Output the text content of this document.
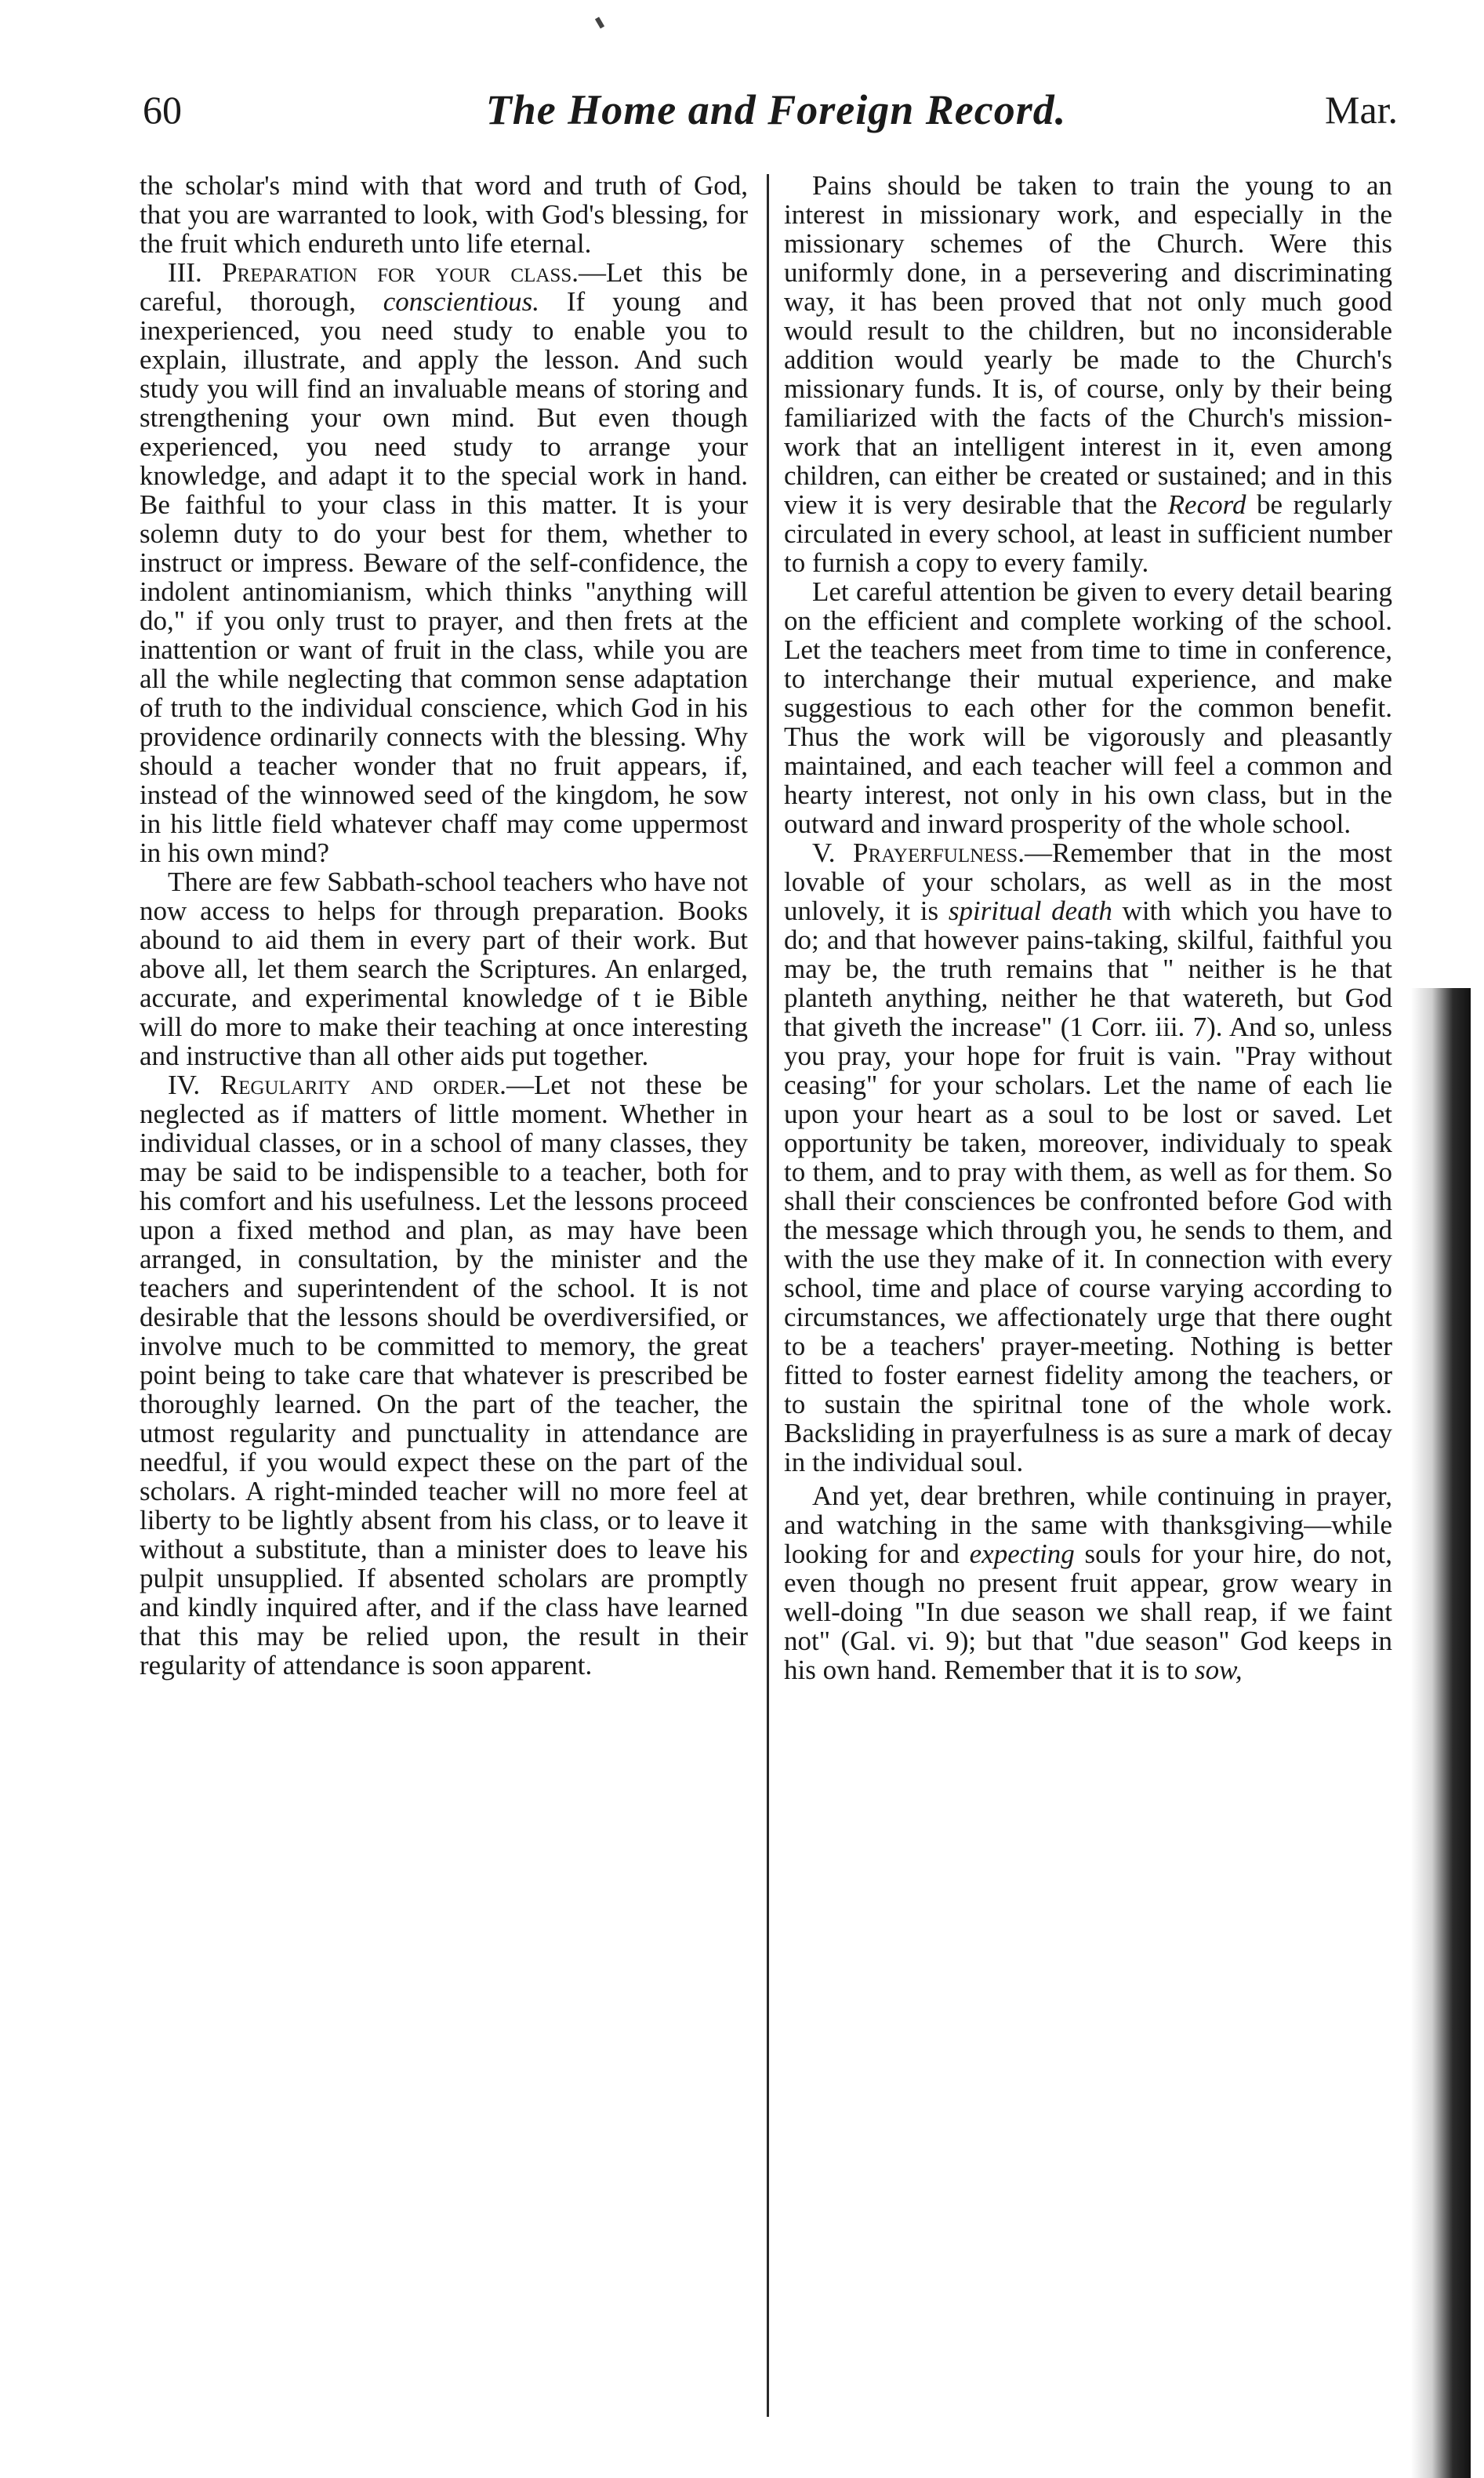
60	The Home and Foreign Record.	Mar.

the scholar's mind with that word and truth of God, that you are warranted to look, with God's blessing, for the fruit which endureth unto life eternal.

III. Preparation for your class.—Let this be careful, thorough, conscientious. If young and inexperienced, you need study to enable you to explain, illustrate, and apply the lesson. And such study you will find an invaluable means of storing and strengthening your own mind. But even though experienced, you need study to arrange your knowledge, and adapt it to the special work in hand. Be faithful to your class in this matter. It is your solemn duty to do your best for them, whether to instruct or impress. Beware of the self-confidence, the indolent antinomianism, which thinks "anything will do," if you only trust to prayer, and then frets at the inattention or want of fruit in the class, while you are all the while neglecting that common sense adaptation of truth to the individual conscience, which God in his providence ordinarily connects with the blessing. Why should a teacher wonder that no fruit appears, if, instead of the winnowed seed of the kingdom, he sow in his little field whatever chaff may come uppermost in his own mind?

There are few Sabbath-school teachers who have not now access to helps for through preparation. Books abound to aid them in every part of their work. But above all, let them search the Scriptures. An enlarged, accurate, and experimental knowledge of t ie Bible will do more to make their teaching at once interesting and instructive than all other aids put together.

IV. Regularity and order.—Let not these be neglected as if matters of little moment. Whether in individual classes, or in a school of many classes, they may be said to be indispensible to a teacher, both for his comfort and his usefulness. Let the lessons proceed upon a fixed method and plan, as may have been arranged, in consultation, by the minister and the teachers and superintendent of the school. It is not desirable that the lessons should be overdiversified, or involve much to be committed to memory, the great point being to take care that whatever is prescribed be thoroughly learned. On the part of the teacher, the utmost regularity and punctuality in attendance are needful, if you would expect these on the part of the scholars. A right-minded teacher will no more feel at liberty to be lightly absent from his class, or to leave it without a substitute, than a minister does to leave his pulpit unsupplied. If absented scholars are promptly and kindly inquired after, and if the class have learned that this may be relied upon, the result in their regularity of attendance is soon apparent.

Pains should be taken to train the young to an interest in missionary work, and especially in the missionary schemes of the Church. Were this uniformly done, in a persevering and discriminating way, it has been proved that not only much good would result to the children, but no inconsiderable addition would yearly be made to the Church's missionary funds. It is, of course, only by their being familiarized with the facts of the Church's mission-work that an intelligent interest in it, even among children, can either be created or sustained; and in this view it is very desirable that the Record be regularly circulated in every school, at least in sufficient number to furnish a copy to every family.

Let careful attention be given to every detail bearing on the efficient and complete working of the school. Let the teachers meet from time to time in conference, to interchange their mutual experience, and make suggestious to each other for the common benefit. Thus the work will be vigorously and pleasantly maintained, and each teacher will feel a common and hearty interest, not only in his own class, but in the outward and inward prosperity of the whole school.

V. Prayerfulness.—Remember that in the most lovable of your scholars, as well as in the most unlovely, it is spiritual death with which you have to do; and that however pains-taking, skilful, faithful you may be, the truth remains that " neither is he that planteth anything, neither he that watereth, but God that giveth the increase" (1 Corr. iii. 7). And so, unless you pray, your hope for fruit is vain. "Pray without ceasing" for your scholars. Let the name of each lie upon your heart as a soul to be lost or saved. Let opportunity be taken, moreover, individualy to speak to them, and to pray with them, as well as for them. So shall their consciences be confronted before God with the message which through you, he sends to them, and with the use they make of it. In connection with every school, time and place of course varying according to circumstances, we affectionately urge that there ought to be a teachers' prayer-meeting. Nothing is better fitted to foster earnest fidelity among the teachers, or to sustain the spiritnal tone of the whole work. Backsliding in prayerfulness is as sure a mark of decay in the individual soul.

And yet, dear brethren, while continuing in prayer, and watching in the same with thanksgiving—while looking for and expecting souls for your hire, do not, even though no present fruit appear, grow weary in well-doing "In due season we shall reap, if we faint not" (Gal. vi. 9); but that "due season" God keeps in his own hand. Remember that it is to sow,
